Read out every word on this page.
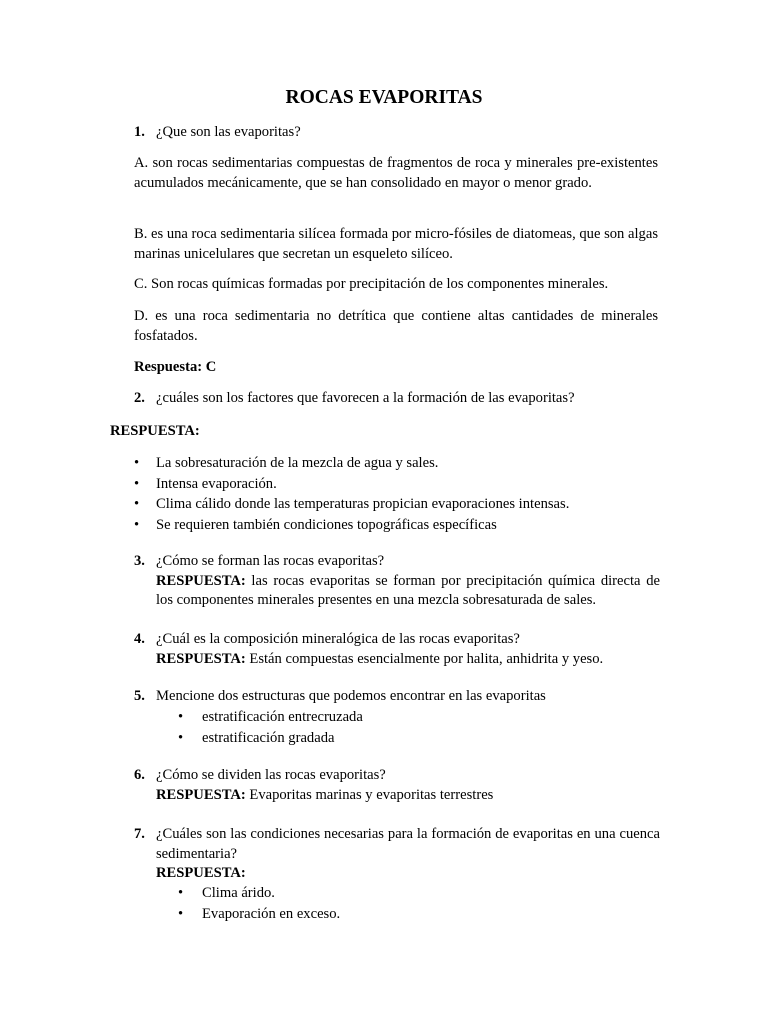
ROCAS EVAPORITAS
1. ¿Que son las evaporitas?
A. son rocas sedimentarias compuestas de fragmentos de roca y minerales pre-existentes acumulados mecánicamente, que se han consolidado en mayor o menor grado.
B. es una roca sedimentaria silícea formada por micro-fósiles de diatomeas, que son algas marinas unicelulares que secretan un esqueleto silíceo.
C. Son rocas químicas formadas por precipitación de los componentes minerales.
D. es una roca sedimentaria no detrítica que contiene altas cantidades de minerales fosfatados.
Respuesta: C
2. ¿cuáles son los factores que favorecen a la formación de las evaporitas?
RESPUESTA:
• La sobresaturación de la mezcla de agua y sales.
• Intensa evaporación.
• Clima cálido donde las temperaturas propician evaporaciones intensas.
• Se requieren también condiciones topográficas específicas
3. ¿Cómo se forman las rocas evaporitas?
RESPUESTA: las rocas evaporitas se forman por precipitación química directa de los componentes minerales presentes en una mezcla sobresaturada de sales.
4. ¿Cuál es la composición mineralógica de las rocas evaporitas?
RESPUESTA: Están compuestas esencialmente por halita, anhidrita y yeso.
5. Mencione dos estructuras que podemos encontrar en las evaporitas
• estratificación entrecruzada
• estratificación gradada
6. ¿Cómo se dividen las rocas evaporitas?
RESPUESTA: Evaporitas marinas y evaporitas terrestres
7. ¿Cuáles son las condiciones necesarias para la formación de evaporitas en una cuenca sedimentaria?
RESPUESTA:
• Clima árido.
• Evaporación en exceso.
